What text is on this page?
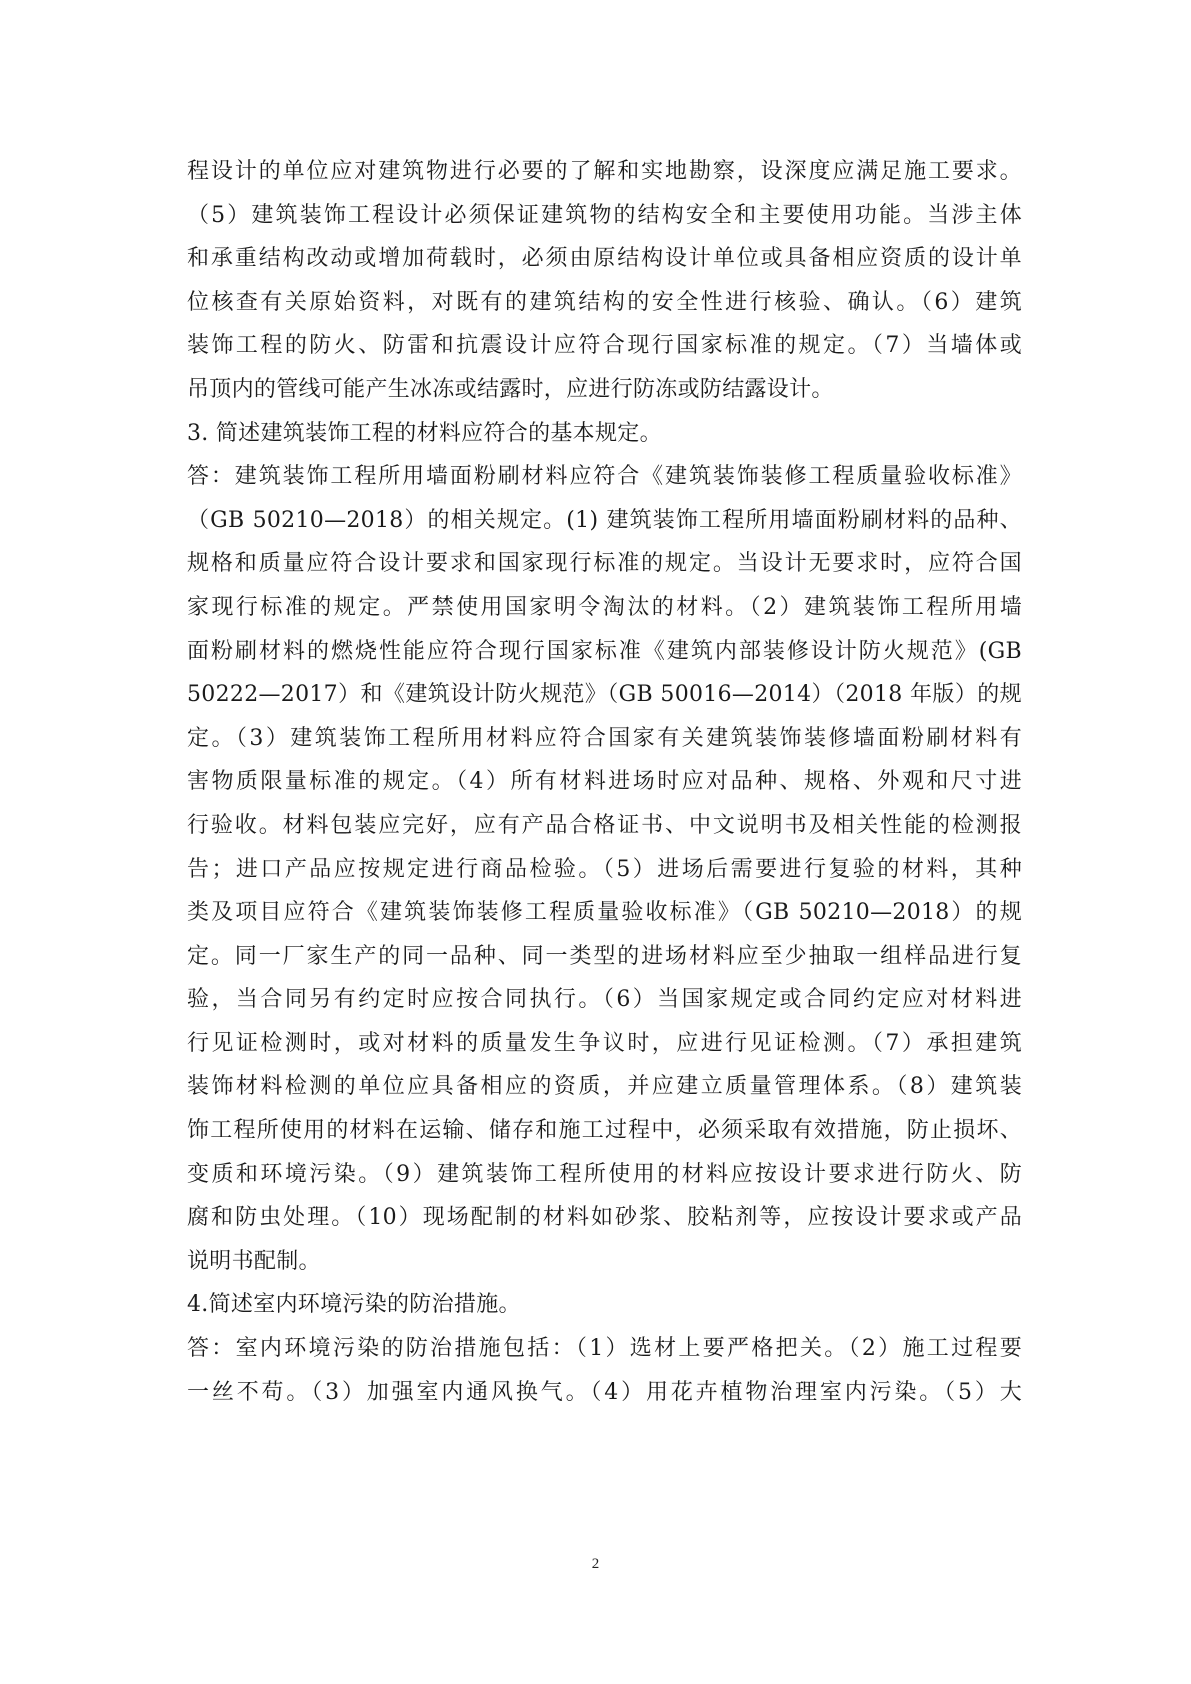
程设计的单位应对建筑物进行必要的了解和实地勘察，设深度应满足施工要求。
（5）建筑装饰工程设计必须保证建筑物的结构安全和主要使用功能。当涉主体
和承重结构改动或增加荷载时，必须由原结构设计单位或具备相应资质的设计单
位核查有关原始资料，对既有的建筑结构的安全性进行核验、确认。（6）建筑
装饰工程的防火、防雷和抗震设计应符合现行国家标准的规定。（7）当墙体或
吊顶内的管线可能产生冰冻或结露时，应进行防冻或防结露设计。
3. 简述建筑装饰工程的材料应符合的基本规定。
答：建筑装饰工程所用墙面粉刷材料应符合《建筑装饰装修工程质量验收标准》
（GB 50210—2018）的相关规定。(1) 建筑装饰工程所用墙面粉刷材料的品种、
规格和质量应符合设计要求和国家现行标准的规定。当设计无要求时，应符合国
家现行标准的规定。严禁使用国家明令淘汰的材料。（2）建筑装饰工程所用墙
面粉刷材料的燃烧性能应符合现行国家标准《建筑内部装修设计防火规范》(GB
50222—2017）和《建筑设计防火规范》（GB 50016—2014）（2018 年版）的规
定。（3）建筑装饰工程所用材料应符合国家有关建筑装饰装修墙面粉刷材料有
害物质限量标准的规定。（4）所有材料进场时应对品种、规格、外观和尺寸进
行验收。材料包装应完好，应有产品合格证书、中文说明书及相关性能的检测报
告；进口产品应按规定进行商品检验。（5）进场后需要进行复验的材料，其种
类及项目应符合《建筑装饰装修工程质量验收标准》（GB 50210—2018）的规
定。同一厂家生产的同一品种、同一类型的进场材料应至少抽取一组样品进行复
验，当合同另有约定时应按合同执行。（6）当国家规定或合同约定应对材料进
行见证检测时，或对材料的质量发生争议时，应进行见证检测。（7）承担建筑
装饰材料检测的单位应具备相应的资质，并应建立质量管理体系。（8）建筑装
饰工程所使用的材料在运输、储存和施工过程中，必须采取有效措施，防止损坏、
变质和环境污染。（9）建筑装饰工程所使用的材料应按设计要求进行防火、防
腐和防虫处理。（10）现场配制的材料如砂浆、胶粘剂等，应按设计要求或产品
说明书配制。
4.简述室内环境污染的防治措施。
答：室内环境污染的防治措施包括：（1）选材上要严格把关。（2）施工过程要
一丝不苟。（3）加强室内通风换气。（4）用花卉植物治理室内污染。（5）大
2
